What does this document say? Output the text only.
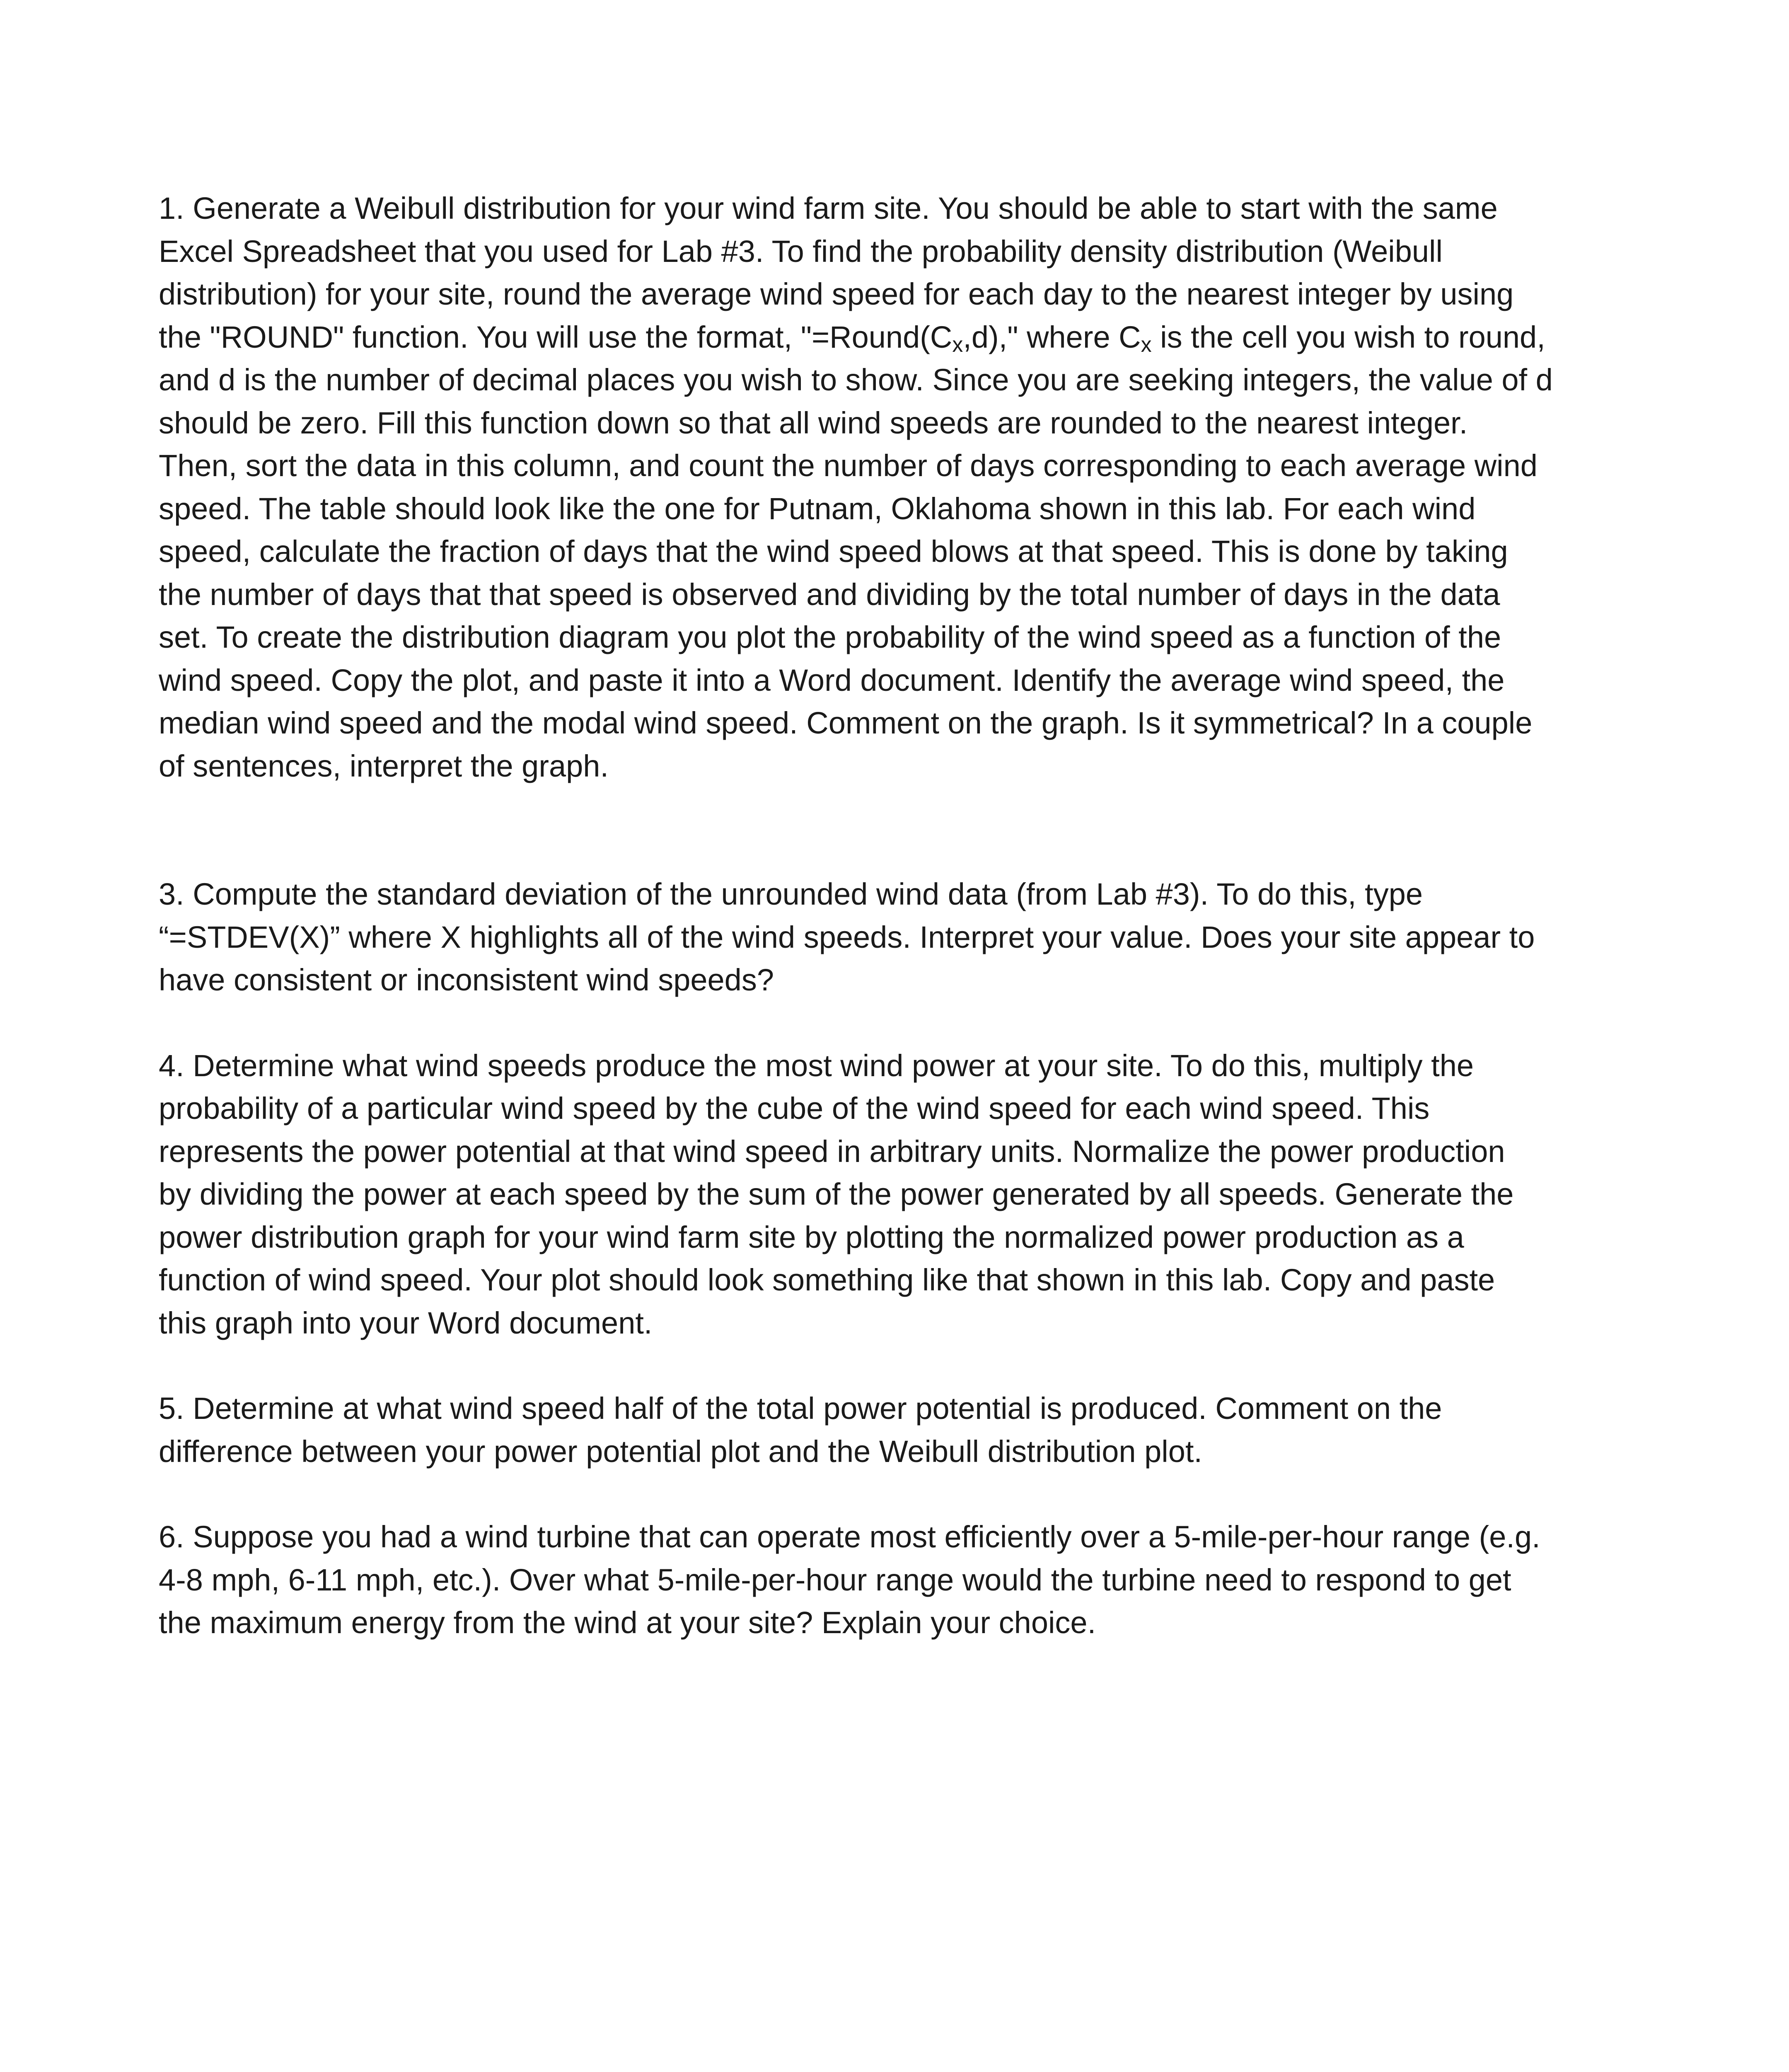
1. Generate a Weibull distribution for your wind farm site. You should be able to start with the same
Excel Spreadsheet that you used for Lab #3. To find the probability density distribution (Weibull
distribution) for your site, round the average wind speed for each day to the nearest integer by using
the "ROUND" function. You will use the format, "=Round(Cx,d)," where Cx is the cell you wish to round,
and d is the number of decimal places you wish to show. Since you are seeking integers, the value of d
should be zero. Fill this function down so that all wind speeds are rounded to the nearest integer.
Then, sort the data in this column, and count the number of days corresponding to each average wind
speed. The table should look like the one for Putnam, Oklahoma shown in this lab. For each wind
speed, calculate the fraction of days that the wind speed blows at that speed. This is done by taking
the number of days that that speed is observed and dividing by the total number of days in the data
set. To create the distribution diagram you plot the probability of the wind speed as a function of the
wind speed. Copy the plot, and paste it into a Word document. Identify the average wind speed, the
median wind speed and the modal wind speed. Comment on the graph. Is it symmetrical? In a couple
of sentences, interpret the graph.

3. Compute the standard deviation of the unrounded wind data (from Lab #3). To do this, type
“=STDEV(X)” where X highlights all of the wind speeds. Interpret your value. Does your site appear to
have consistent or inconsistent wind speeds?

4. Determine what wind speeds produce the most wind power at your site. To do this, multiply the
probability of a particular wind speed by the cube of the wind speed for each wind speed. This
represents the power potential at that wind speed in arbitrary units. Normalize the power production
by dividing the power at each speed by the sum of the power generated by all speeds. Generate the
power distribution graph for your wind farm site by plotting the normalized power production as a
function of wind speed. Your plot should look something like that shown in this lab. Copy and paste
this graph into your Word document.

5. Determine at what wind speed half of the total power potential is produced. Comment on the
difference between your power potential plot and the Weibull distribution plot.

6. Suppose you had a wind turbine that can operate most efficiently over a 5-mile-per-hour range (e.g.
4-8 mph, 6-11 mph, etc.). Over what 5-mile-per-hour range would the turbine need to respond to get
the maximum energy from the wind at your site? Explain your choice.
